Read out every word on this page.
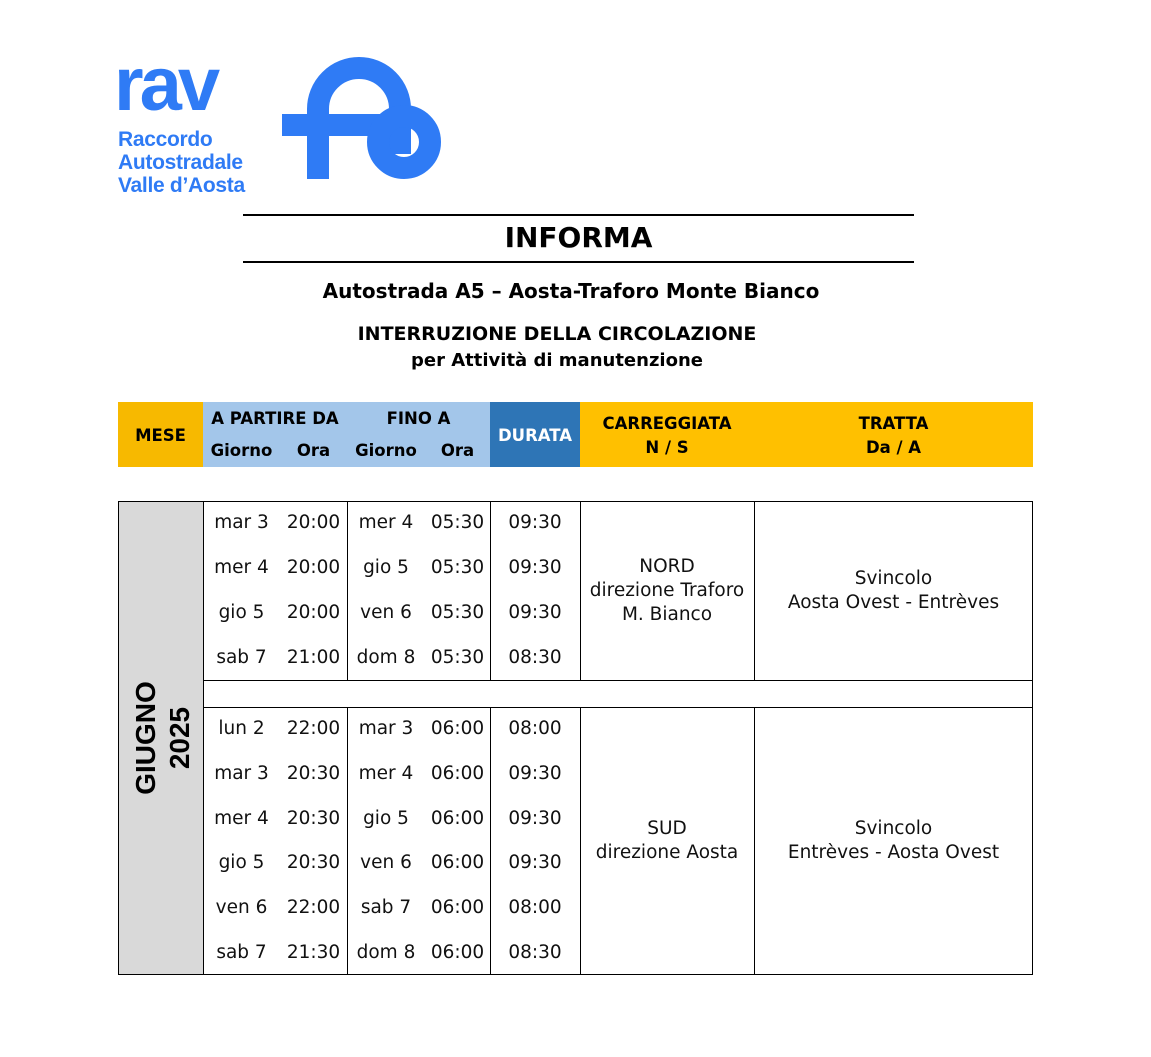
rav
Raccordo
Autostradale
Valle d’Aosta
INFORMA
Autostrada A5 – Aosta-Traforo Monte Bianco
INTERRUZIONE DELLA CIRCOLAZIONE
per Attività di manutenzione
MESE
A PARTIRE DA
Giorno	Ora
FINO A
Giorno	Ora
DURATA
CARREGGIATA
N / S
TRATTA
Da / A
GIUGNO 2025
mar 3 20:00 mer 4 05:30 09:30
mer 4 20:00 gio 5 05:30 09:30
gio 5 20:00 ven 6 05:30 09:30
sab 7 21:00 dom 8 05:30 08:30
NORD
direzione Traforo
M. Bianco
Svincolo
Aosta Ovest - Entrèves
lun 2 22:00 mar 3 06:00 08:00
mar 3 20:30 mer 4 06:00 09:30
mer 4 20:30 gio 5 06:00 09:30
gio 5 20:30 ven 6 06:00 09:30
ven 6 22:00 sab 7 06:00 08:00
sab 7 21:30 dom 8 06:00 08:30
SUD
direzione Aosta
Svincolo
Entrèves - Aosta Ovest
